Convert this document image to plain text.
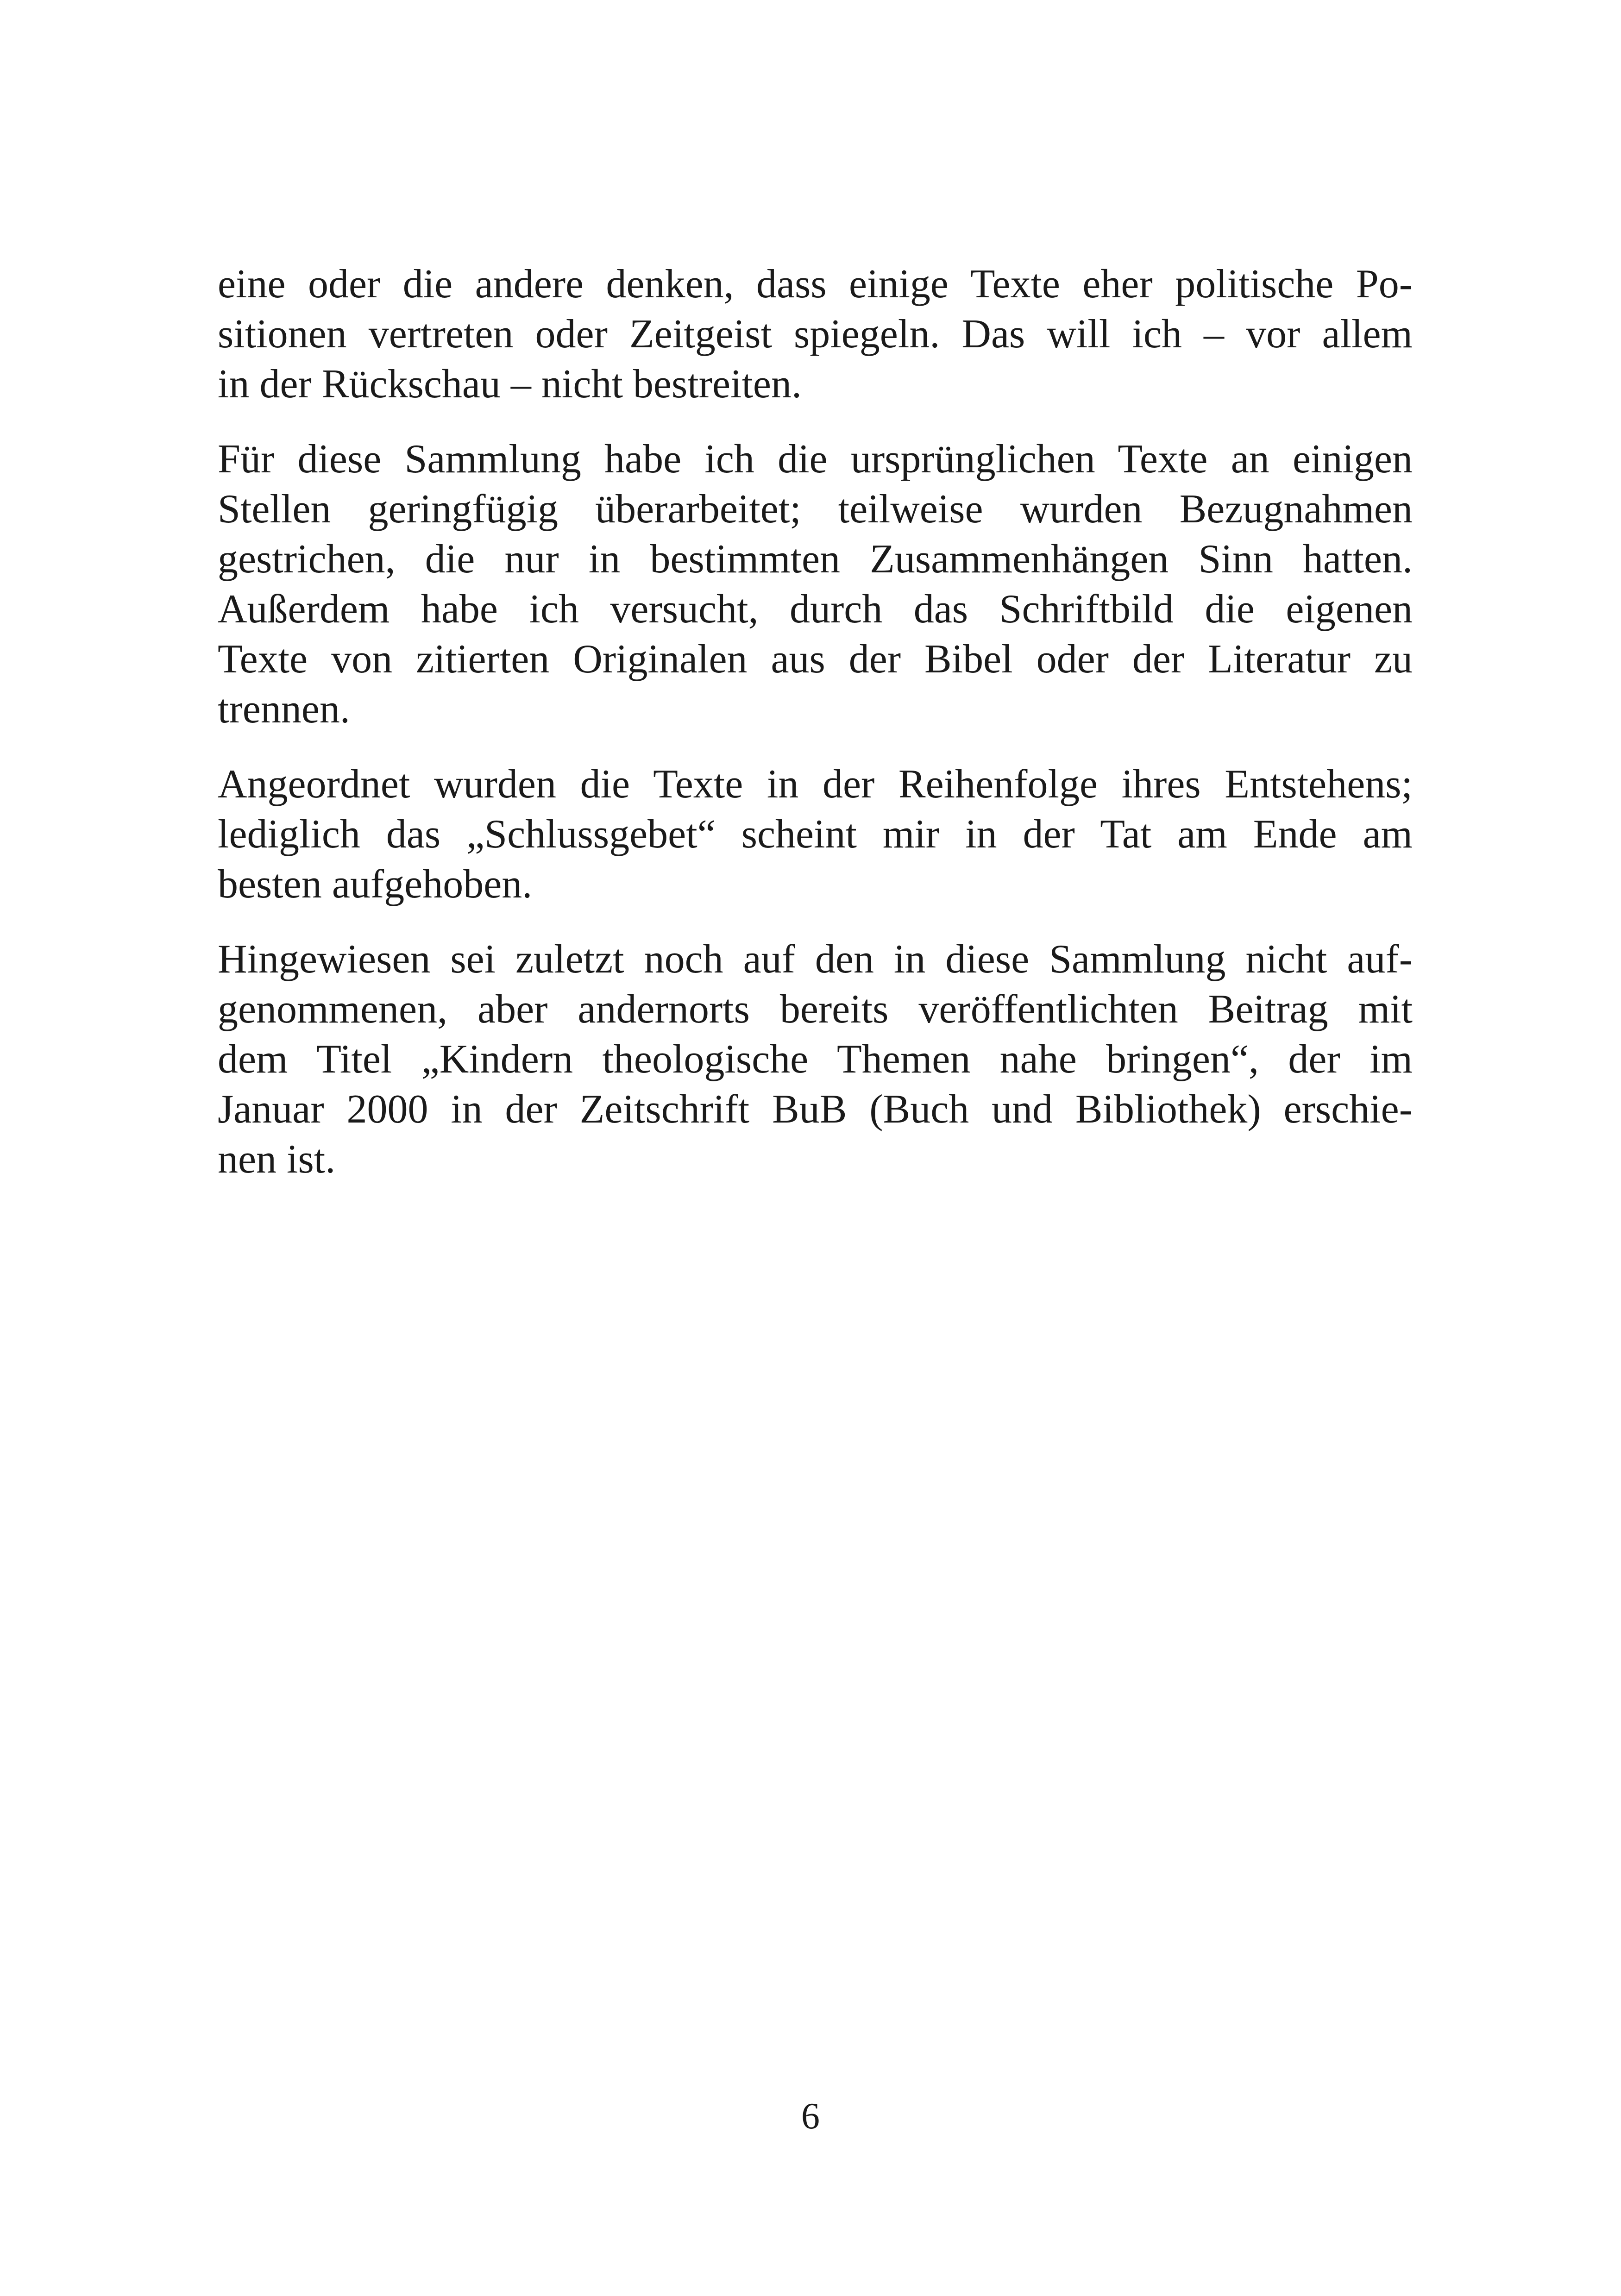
eine oder die andere denken, dass einige Texte eher politische Po-
sitionen vertreten oder Zeitgeist spiegeln. Das will ich – vor allem
in der Rückschau – nicht bestreiten.

Für diese Sammlung habe ich die ursprünglichen Texte an einigen
Stellen geringfügig überarbeitet; teilweise wurden Bezugnahmen
gestrichen, die nur in bestimmten Zusammenhängen Sinn hatten.
Außerdem habe ich versucht, durch das Schriftbild die eigenen
Texte von zitierten Originalen aus der Bibel oder der Literatur zu
trennen.

Angeordnet wurden die Texte in der Reihenfolge ihres Entstehens;
lediglich das „Schlussgebet“ scheint mir in der Tat am Ende am
besten aufgehoben.

Hingewiesen sei zuletzt noch auf den in diese Sammlung nicht auf-
genommenen, aber andernorts bereits veröffentlichten Beitrag mit
dem Titel „Kindern theologische Themen nahe bringen“, der im
Januar 2000 in der Zeitschrift BuB (Buch und Bibliothek) erschie-
nen ist.

6
